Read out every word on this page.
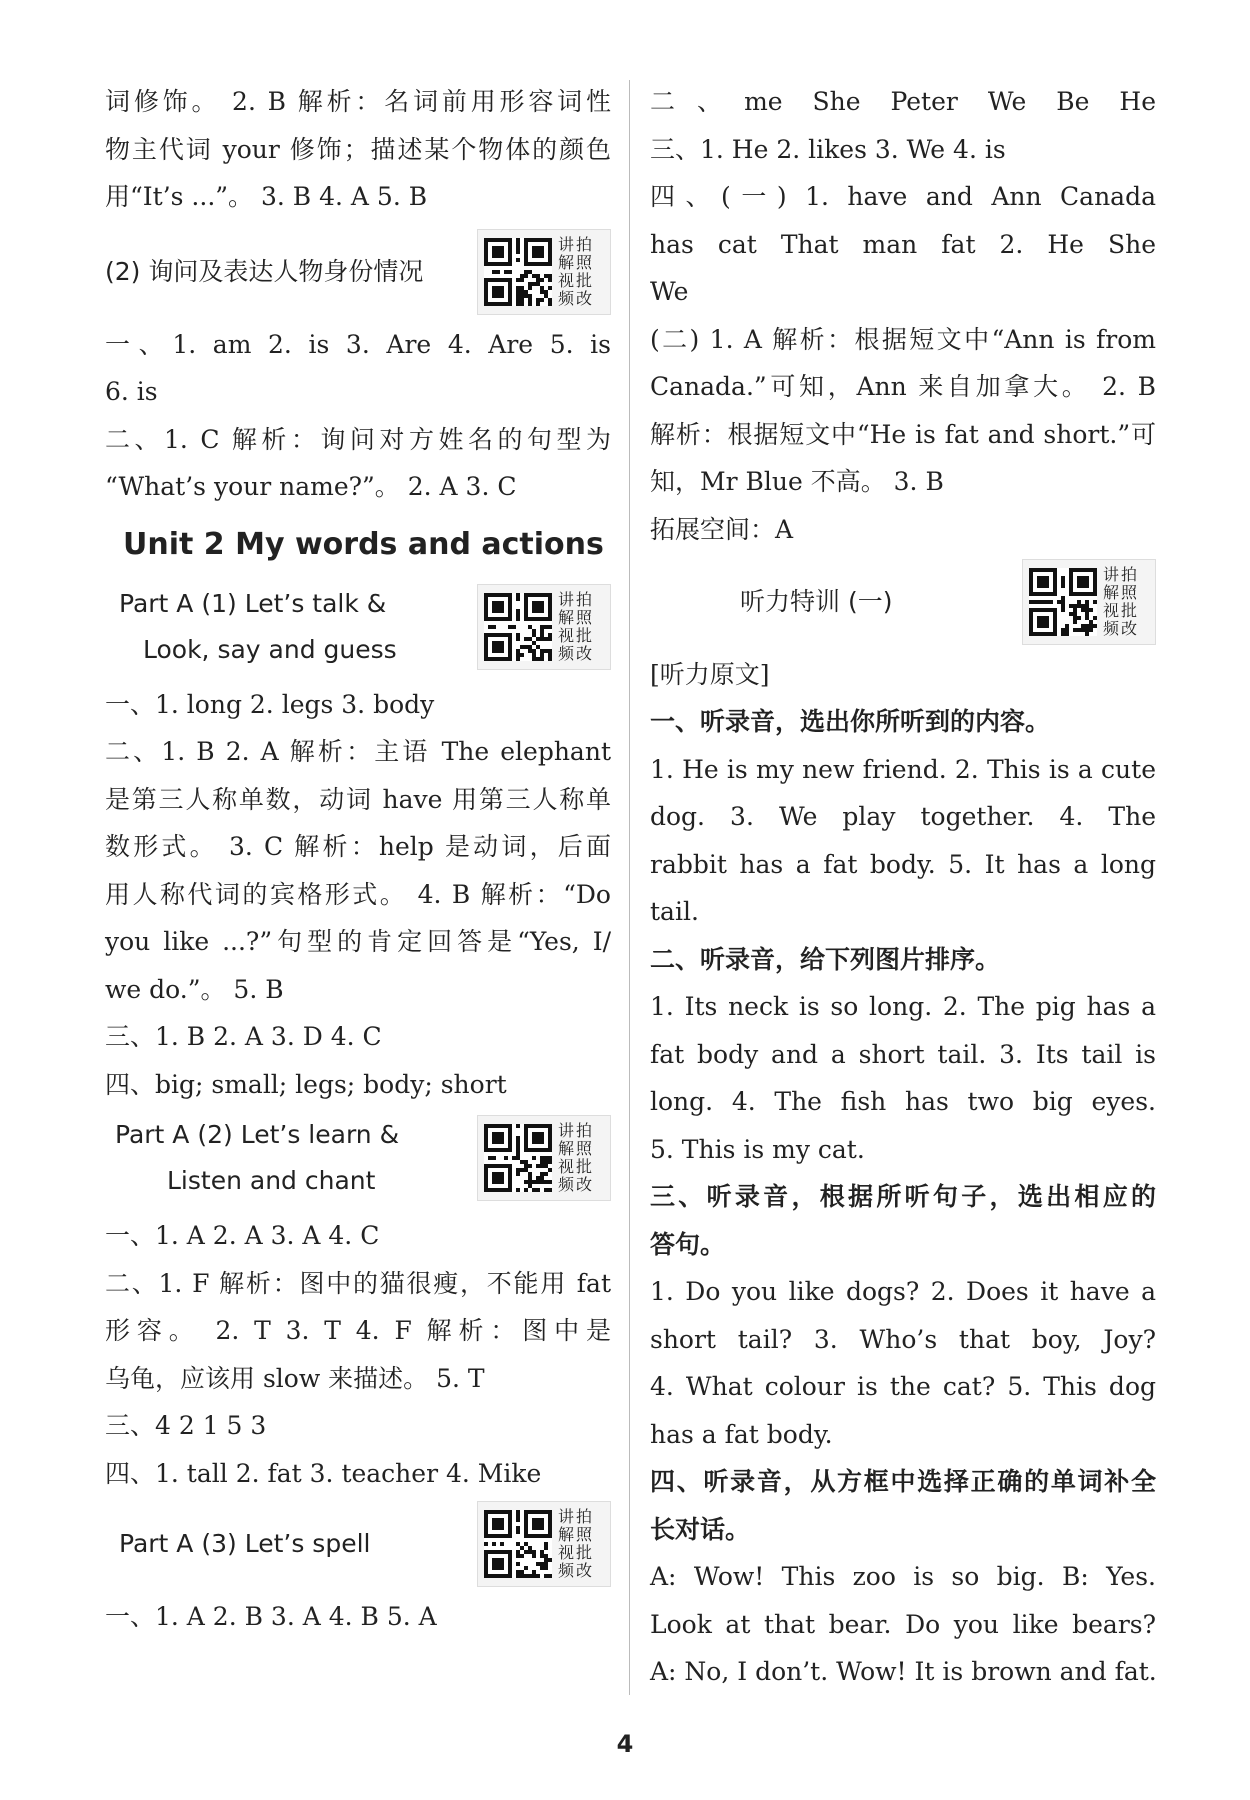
词修饰。 2. B 解析：名词前用形容词性
物主代词 your 修饰；描述某个物体的颜色
用“It’s ...”。 3. B 4. A 5. B
(2) 询问及表达人物身份情况
讲 拍
解 照
视 批
频 改
一、1. am 2. is 3. Are 4. Are 5. is
6. is
二、1. C 解析：询问对方姓名的句型为
“What’s your name?”。 2. A 3. C
Unit 2 My words and actions
Part A (1) Let’s talk &
Look, say and guess
讲 拍
解 照
视 批
频 改
一、1. long 2. legs 3. body
二、1. B 2. A 解析：主语 The elephant
是第三人称单数，动词 have 用第三人称单
数形式。 3. C 解析：help 是动词，后面
用人称代词的宾格形式。 4. B 解析：“Do
you like ...?”句型的肯定回答是“Yes, I/
we do.”。 5. B
三、1. B 2. A 3. D 4. C
四、big; small; legs; body; short
Part A (2) Let’s learn &
Listen and chant
讲 拍
解 照
视 批
频 改
一、1. A 2. A 3. A 4. C
二、1. F 解析：图中的猫很瘦，不能用 fat
形容。 2. T 3. T 4. F 解析：图中是
乌龟，应该用 slow 来描述。 5. T
三、4 2 1 5 3
四、1. tall 2. fat 3. teacher 4. Mike
Part A (3) Let’s spell
讲 拍
解 照
视 批
频 改
一、1. A 2. B 3. A 4. B 5. A
二、me She Peter We Be He
三、1. He 2. likes 3. We 4. is
四、(一) 1. have and Ann Canada
has cat That man fat 2. He She
We
(二) 1. A 解析：根据短文中“Ann is from
Canada.”可知，Ann 来自加拿大。 2. B
解析：根据短文中“He is fat and short.”可
知，Mr Blue 不高。 3. B
拓展空间：A
听力特训 (一)
讲 拍
解 照
视 批
频 改
[听力原文]
一、听录音，选出你所听到的内容。
1. He is my new friend. 2. This is a cute
dog. 3. We play together. 4. The
rabbit has a fat body. 5. It has a long
tail.
二、听录音，给下列图片排序。
1. Its neck is so long. 2. The pig has a
fat body and a short tail. 3. Its tail is
long. 4. The fish has two big eyes.
5. This is my cat.
三、听录音，根据所听句子，选出相应的
答句。
1. Do you like dogs? 2. Does it have a
short tail? 3. Who’s that boy, Joy?
4. What colour is the cat? 5. This dog
has a fat body.
四、听录音，从方框中选择正确的单词补全
长对话。
A: Wow! This zoo is so big. B: Yes.
Look at that bear. Do you like bears?
A: No, I don’t. Wow! It is brown and fat.
4
